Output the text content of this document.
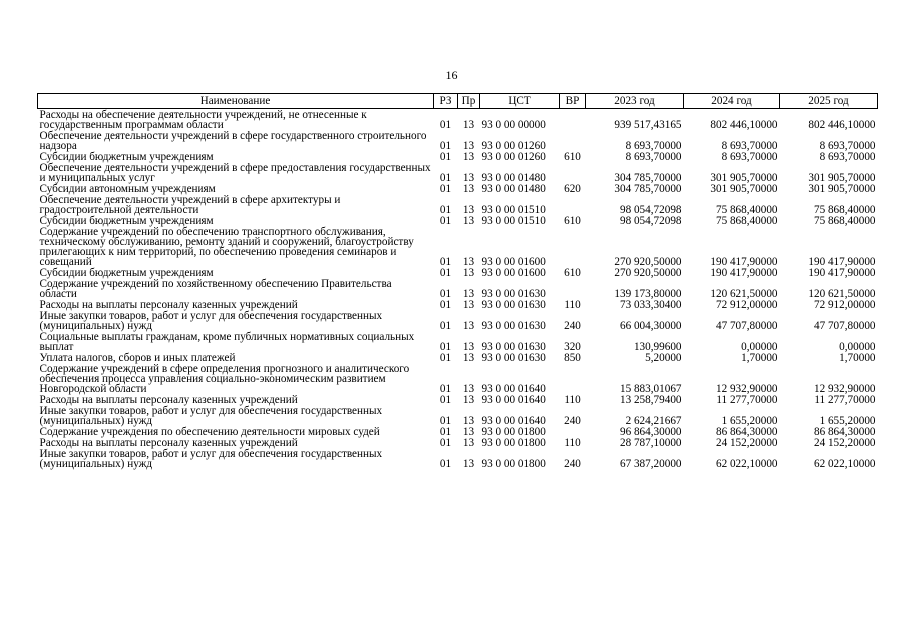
16
Наименование	РЗ	Пр	ЦСТ	ВР	2023 год	2024 год	2025 год
Расходы на обеспечение деятельности учреждений, не отнесенные к государственным программам области	01	13	93 0 00 00000		939 517,43165	802 446,10000	802 446,10000
Обеспечение деятельности учреждений в сфере государственного строительного надзора	01	13	93 0 00 01260		8 693,70000	8 693,70000	8 693,70000
Субсидии бюджетным учреждениям	01	13	93 0 00 01260	610	8 693,70000	8 693,70000	8 693,70000
Обеспечение деятельности учреждений в сфере предоставления государственных и муниципальных услуг	01	13	93 0 00 01480		304 785,70000	301 905,70000	301 905,70000
Субсидии автономным учреждениям	01	13	93 0 00 01480	620	304 785,70000	301 905,70000	301 905,70000
Обеспечение деятельности учреждений в сфере архитектуры и градостроительной деятельности	01	13	93 0 00 01510		98 054,72098	75 868,40000	75 868,40000
Субсидии бюджетным учреждениям	01	13	93 0 00 01510	610	98 054,72098	75 868,40000	75 868,40000
Содержание учреждений по обеспечению транспортного обслуживания, техническому обслуживанию, ремонту зданий и сооружений, благоустройству прилегающих к ним территорий, по обеспечению проведения семинаров и совещаний	01	13	93 0 00 01600		270 920,50000	190 417,90000	190 417,90000
Субсидии бюджетным учреждениям	01	13	93 0 00 01600	610	270 920,50000	190 417,90000	190 417,90000
Содержание учреждений по хозяйственному обеспечению Правительства области	01	13	93 0 00 01630		139 173,80000	120 621,50000	120 621,50000
Расходы на выплаты персоналу казенных учреждений	01	13	93 0 00 01630	110	73 033,30400	72 912,00000	72 912,00000
Иные закупки товаров, работ и услуг для обеспечения государственных (муниципальных) нужд	01	13	93 0 00 01630	240	66 004,30000	47 707,80000	47 707,80000
Социальные выплаты гражданам, кроме публичных нормативных социальных выплат	01	13	93 0 00 01630	320	130,99600	0,00000	0,00000
Уплата налогов, сборов и иных платежей	01	13	93 0 00 01630	850	5,20000	1,70000	1,70000
Содержание учреждений в сфере определения прогнозного и аналитического обеспечения процесса управления социально-экономическим развитием Новгородской области	01	13	93 0 00 01640		15 883,01067	12 932,90000	12 932,90000
Расходы на выплаты персоналу казенных учреждений	01	13	93 0 00 01640	110	13 258,79400	11 277,70000	11 277,70000
Иные закупки товаров, работ и услуг для обеспечения государственных (муниципальных) нужд	01	13	93 0 00 01640	240	2 624,21667	1 655,20000	1 655,20000
Содержание учреждения по обеспечению деятельности мировых судей	01	13	93 0 00 01800		96 864,30000	86 864,30000	86 864,30000
Расходы на выплаты персоналу казенных учреждений	01	13	93 0 00 01800	110	28 787,10000	24 152,20000	24 152,20000
Иные закупки товаров, работ и услуг для обеспечения государственных (муниципальных) нужд	01	13	93 0 00 01800	240	67 387,20000	62 022,10000	62 022,10000
